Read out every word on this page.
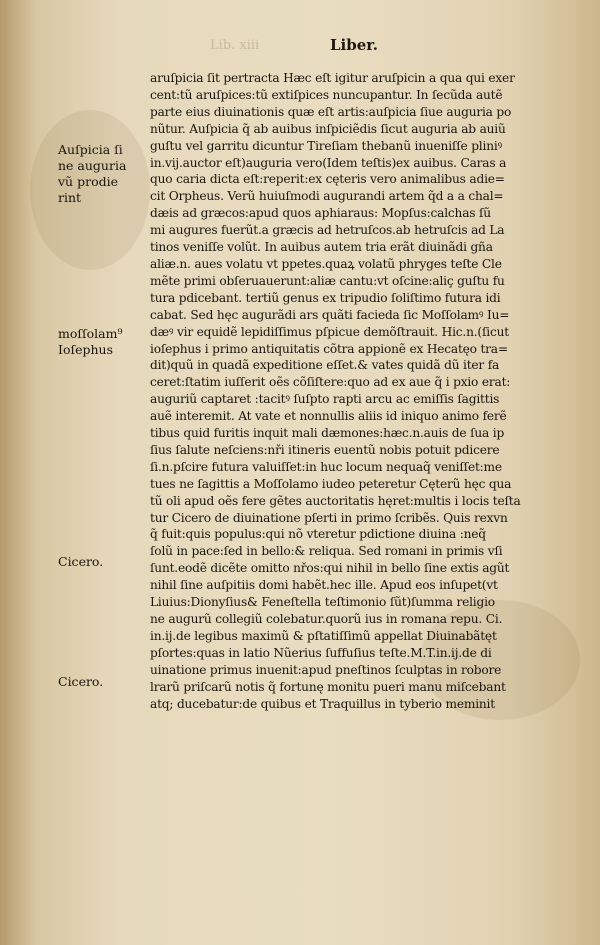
Lib. xiii	Liber.
Auſpicia ſi
ne auguria
vũ prodie
rint
moſſolam⁹
Ioſephus
Cicero.
Cicero.
aruſpicia ſit pertracta Hæc eſt igitur aruſpicin a qua qui exer
cent:tũ aruſpices:tũ extiſpices nuncupantur. In ſecũda autẽ
parte eius diuinationis quæ eſt artis:auſpicia ſiue auguria po
nũtur. Auſpicia q̃ ab auibus inſpiciẽdis ſicut auguria ab auiũ
guſtu vel garritu dicuntur Tireſiam thebanũ inueniſſe pliniꝰ
in.vij.auctor eſt)auguria vero(Idem teſtis)ex auibus. Caras a
quo caria dicta eſt:reperit:ex cęteris vero animalibus adie=
cit Orpheus. Verũ huiuſmodi augurandi artem q̃d a a chal=
dæis ad græcos:apud quos aphiaraus: Mopſus:calchas ſũ
mi augures fuerũt.a græcis ad hetruſcos.ab hetruſcis ad La
tinos veniſſe volũt. In auibus autem tria erãt diuinãdi gña
aliæ.n. aues volatu vt ppetes.quaꝝ volatũ phryges teſte Cle
mẽte primi obſeruauerunt:aliæ cantu:vt oſcine:aliç guſtu fu
tura pdicebant. tertiũ genus ex tripudio ſoliſtimo futura idi
cabat. Sed hęc augurãdi ars quãti facieda ſic Moſſolamꝰ Iu=
dæꝰ vir equidẽ lepidiſſimus pſpicue demõſtrauit. Hic.n.(ſicut
ioſephus i primo antiquitatis cõtra appionẽ ex Hecatęo tra=
dit)quũ in quadã expeditione eſſet.& vates quidã dũ iter fa
ceret:ſtatim iuſſerit oẽs cõſiſtere:quo ad ex aue q̃ i pxio erat:
auguriũ captaret :tacitꝰ ſuſpto rapti arcu ac emiſſis ſagittis
auẽ interemit. At vate et nonnullis aliis id iniquo animo ferẽ
tibus quid furitis inquit mali dæmones:hæc.n.auis de ſua ip
ſius ſalute neſciens:nři itineris euentũ nobis potuit pdicere
ſi.n.pſcire futura valuiſſet:in huc locum nequaq̃ veniſſet:me
tues ne ſagittis a Moſſolamo iudeo peteretur Cęterũ hęc qua
tũ oli apud oẽs fere gẽtes auctoritatis hęret:multis i locis teſta
tur Cicero de diuinatione pſerti in primo ſcribẽs. Quis rexvn
q̃ fuit:quis populus:qui nõ vteretur pdictione diuina :neq̃
ſolũ in pace:ſed in bello:& reliqua. Sed romani in primis vſi
ſunt.eodẽ dicẽte omitto nřos:qui nihil in bello ſine extis agũt
nihil ſine auſpitiis domi habẽt.hec ille. Apud eos inſupet(vt
Liuius:Dionyſius& Feneſtella teſtimonio ſũt)ſumma religio
ne augurũ collegiũ colebatur.quorũ ius in romana repu. Ci.
in.ij.de legibus maximũ & pſtatiſſimũ appellat Diuinabãtęt
pſortes:quas in latio Nũerius ſuffuſius teſte.M.T.in.ij.de di
uinatione primus inuenit:apud pneſtinos ſculptas in robore
lrarũ priſcarũ notis q̃ fortunę monitu pueri manu miſcebant
atq; ducebatur:de quibus et Traquillus in tyberio meminit
